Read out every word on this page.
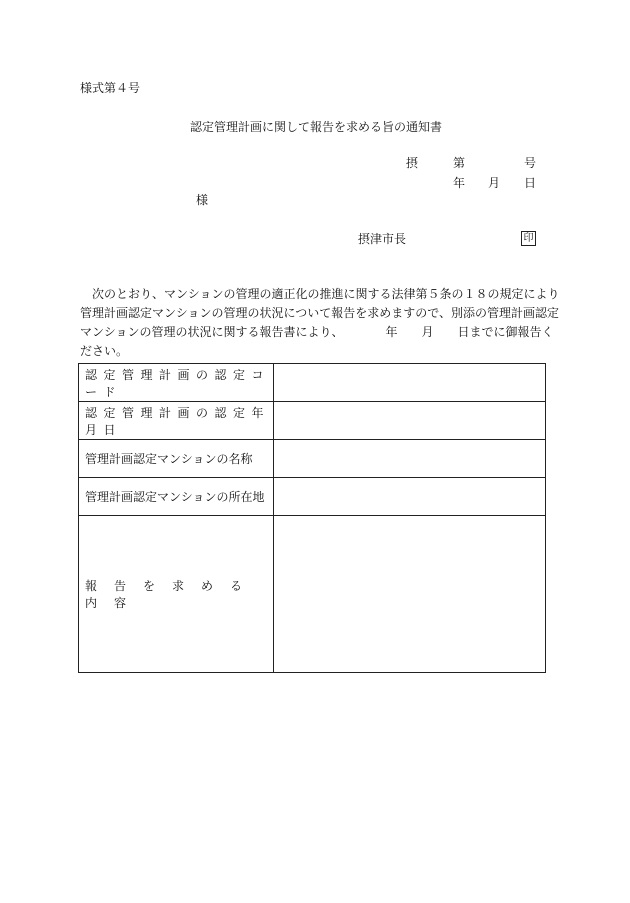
様式第４号
認定管理計画に関して報告を求める旨の通知書
摂	第	号
年 月 日
様
摂津市長	印
　次のとおり、マンションの管理の適正化の推進に関する法律第５条の１８の規定により
管理計画認定マンションの管理の状況について報告を求めますので、別添の管理計画認定
マンションの管理の状況に関する報告書により、　　　　年　　月　　日までに御報告く
ださい。
認定管理計画の認定コード	
認定管理計画の認定年月日	
管理計画認定マンションの名称	
管理計画認定マンションの所在地	
報告を求める内容	
